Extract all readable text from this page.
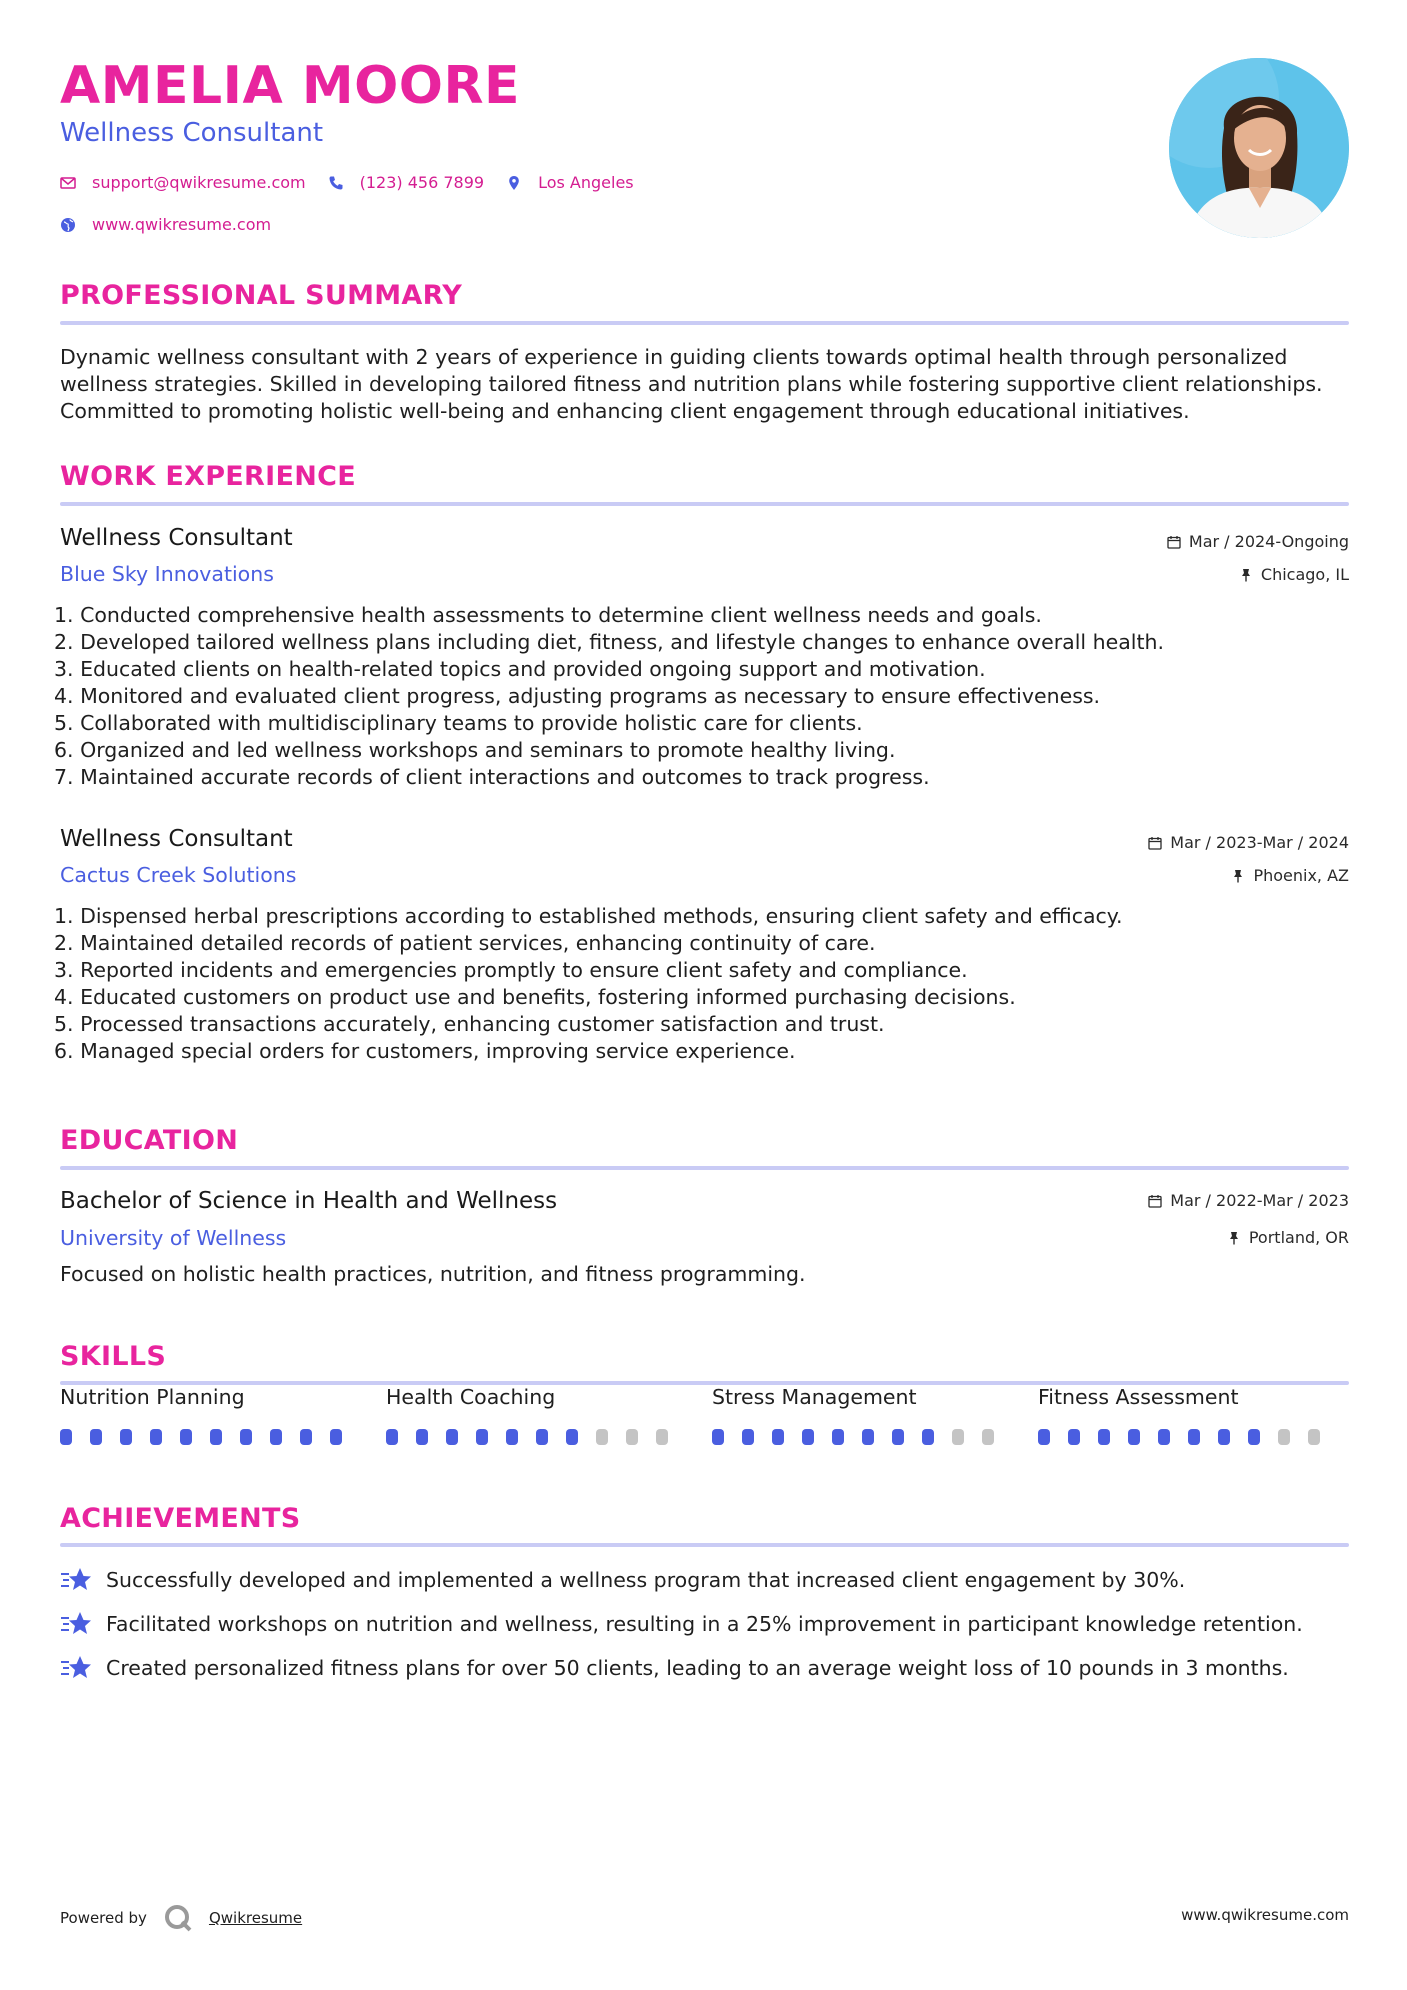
AMELIA MOORE
Wellness Consultant
support@qwikresume.com	(123) 456 7899	Los Angeles
www.qwikresume.com
PROFESSIONAL SUMMARY

Dynamic wellness consultant with 2 years of experience in guiding clients towards optimal health through personalized wellness strategies. Skilled in developing tailored fitness and nutrition plans while fostering supportive client relationships. Committed to promoting holistic well-being and enhancing client engagement through educational initiatives.

WORK EXPERIENCE
Wellness Consultant
Blue Sky Innovations
Mar / 2024-Ongoing
Chicago, IL
1. Conducted comprehensive health assessments to determine client wellness needs and goals.
2. Developed tailored wellness plans including diet, fitness, and lifestyle changes to enhance overall health.
3. Educated clients on health-related topics and provided ongoing support and motivation.
4. Monitored and evaluated client progress, adjusting programs as necessary to ensure effectiveness.
5. Collaborated with multidisciplinary teams to provide holistic care for clients.
6. Organized and led wellness workshops and seminars to promote healthy living.
7. Maintained accurate records of client interactions and outcomes to track progress.
Wellness Consultant
Cactus Creek Solutions
Mar / 2023-Mar / 2024
Phoenix, AZ
1. Dispensed herbal prescriptions according to established methods, ensuring client safety and efficacy.
2. Maintained detailed records of patient services, enhancing continuity of care.
3. Reported incidents and emergencies promptly to ensure client safety and compliance.
4. Educated customers on product use and benefits, fostering informed purchasing decisions.
5. Processed transactions accurately, enhancing customer satisfaction and trust.
6. Managed special orders for customers, improving service experience.
EDUCATION
Bachelor of Science in Health and Wellness
University of Wellness
Mar / 2022-Mar / 2023
Portland, OR

Focused on holistic health practices, nutrition, and fitness programming.

SKILLS
Nutrition Planning	Health Coaching	Stress Management	Fitness Assessment
ACHIEVEMENTS
Successfully developed and implemented a wellness program that increased client engagement by 30%.
Facilitated workshops on nutrition and wellness, resulting in a 25% improvement in participant knowledge retention.
Created personalized fitness plans for over 50 clients, leading to an average weight loss of 10 pounds in 3 months.
Powered by	Qwikresume	www.qwikresume.com
